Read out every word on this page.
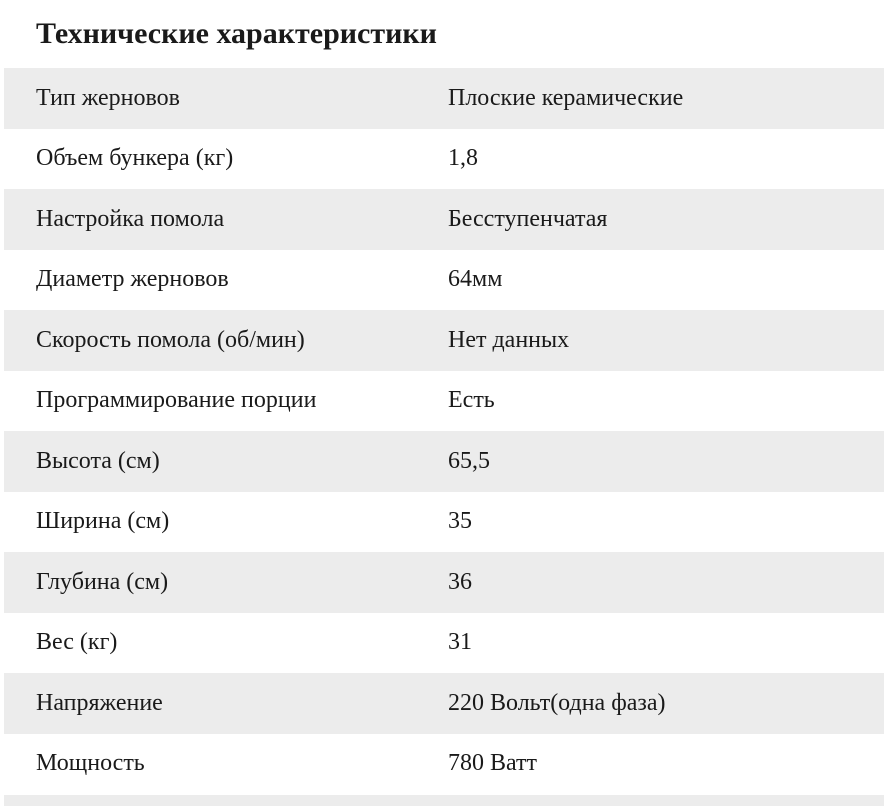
Технические характеристики
Тип жерновов	Плоские керамические
Объем бункера (кг)	1,8
Настройка помола	Бесступенчатая
Диаметр жерновов	64мм
Скорость помола (об/мин)	Нет данных
Программирование порции	Есть
Высота (см)	65,5
Ширина (см)	35
Глубина (см)	36
Вес (кг)	31
Напряжение	220 Вольт(одна фаза)
Мощность	780 Ватт
